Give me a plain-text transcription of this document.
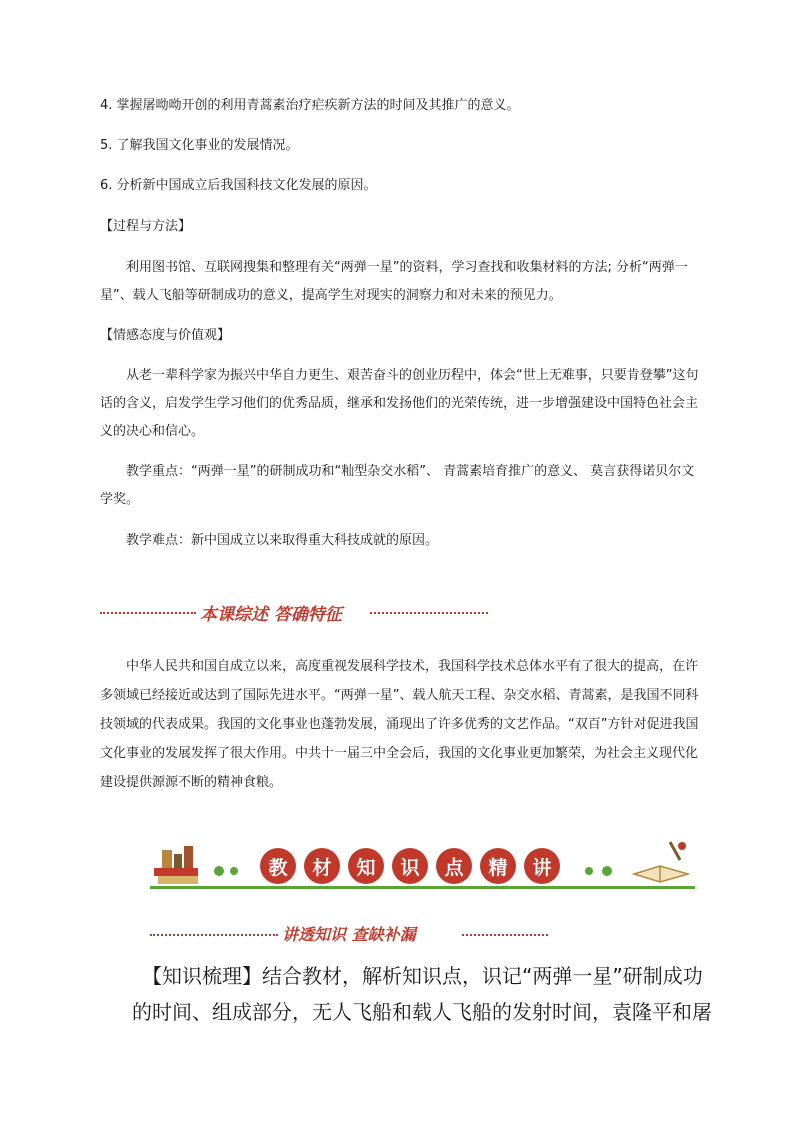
4. 掌握屠呦呦开创的利用青蒿素治疗疟疾新方法的时间及其推广的意义。

5. 了解我国文化事业的发展情况。

6. 分析新中国成立后我国科技文化发展的原因。

【过程与方法】

利用图书馆、互联网搜集和整理有关“两弹一星”的资料，学习查找和收集材料的方法; 分析“两弹一星”、载人飞船等研制成功的意义，提高学生对现实的洞察力和对未来的预见力。

【情感态度与价值观】

从老一辈科学家为振兴中华自力更生、艰苦奋斗的创业历程中，体会“世上无难事，只要肯登攀”这句话的含义，启发学生学习他们的优秀品质，继承和发扬他们的光荣传统，进一步增强建设中国特色社会主义的决心和信心。

教学重点：“两弹一星”的研制成功和“籼型杂交水稻”、 青蒿素培育推广的意义、 莫言获得诺贝尔文学奖。

教学难点：新中国成立以来取得重大科技成就的原因。

本课综述 答确特征

中华人民共和国自成立以来，高度重视发展科学技术，我国科学技术总体水平有了很大的提高，在许多领域已经接近或达到了国际先进水平。“两弹一星”、载人航天工程、杂交水稻、青蒿素，是我国不同科技领域的代表成果。我国的文化事业也蓬勃发展，涌现出了许多优秀的文艺作品。“双百”方针对促进我国文化事业的发展发挥了很大作用。中共十一届三中全会后，我国的文化事业更加繁荣，为社会主义现代化建设提供源源不断的精神食粮。

教	材	知	识	点	精	讲
讲透知识 查缺补漏

【知识梳理】结合教材，解析知识点，识记“两弹一星”研制成功的时间、组成部分，无人飞船和载人飞船的发射时间，袁隆平和屠
